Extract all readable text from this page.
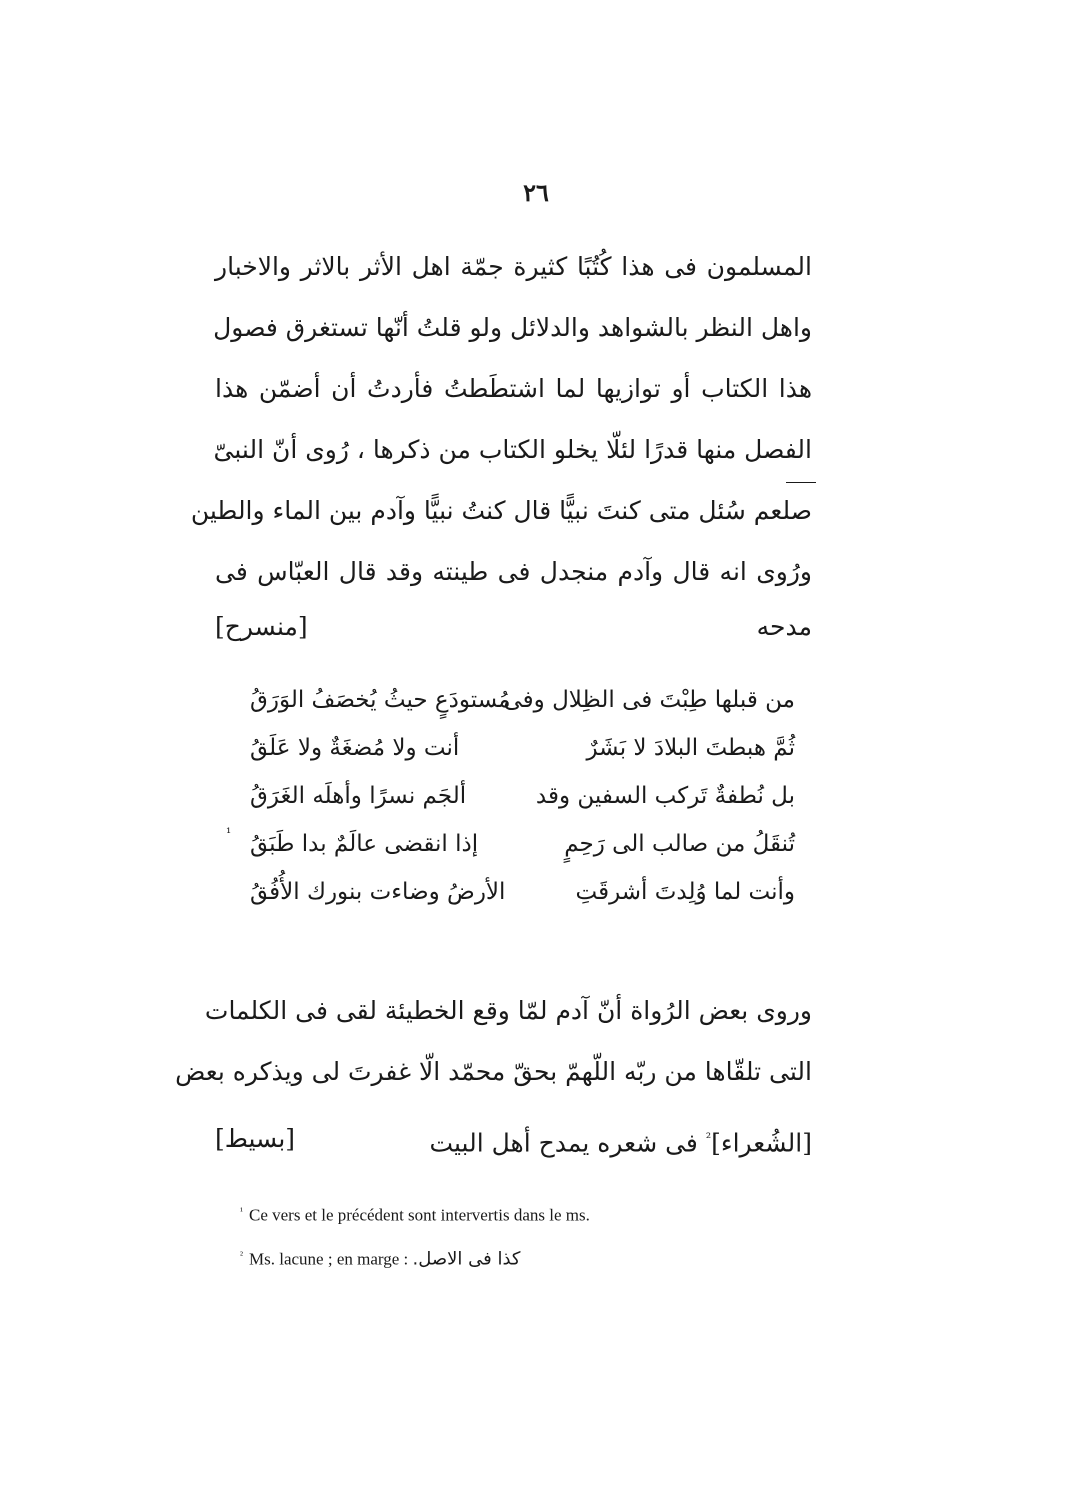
٢٦
المسلمون فى هذا كُتُبًا كثيرة جمّة اهل الأثر بالاثر والاخبار
واهل النظر بالشواهد والدلائل ولو قلتُ أنّها تستغرق فصول
هذا الكتاب أو توازيها لما اشتطَطتُ فأردتُ أن أضمّن هذا
الفصل منها قدرًا لئلّا يخلو الكتاب من ذكرها ، رُوى أنّ النبىّ
صلعم سُئل متى كنتَ نبيًّا قال كنتُ نبيًّا وآدم بين الماء والطين
ورُوى انه قال وآدم منجدل فى طينته وقد قال العبّاس فى
مدحه
[منسرح]
من قبلها طِبْتَ فى الظِلال وفى
مُستودَعٍ حيثُ يُخصَفُ الوَرَقُ
ثُمَّ هبطتَ البلادَ لا بَشَرٌ
أنت ولا مُضغَةٌ ولا عَلَقُ
بل نُطفةٌ تَركب السفين وقد
ألجَم نسرًا وأهلَه الغَرَقُ
تُنقَلُ من صالب الى رَحِمٍ
إذا انقضى عالَمٌ بدا طَبَقُ
¹
وأنت لما وُلِدتَ أشرقَتِ
الأرضُ وضاءت بنورك الأُفُقُ
وروى بعض الرُواة أنّ آدم لمّا وقع الخطيئة لقى فى الكلمات
التى تلقّاها من ربّه اللّهمّ بحقّ محمّد الّا غفرتَ لى ويذكره بعض
[الشُعراء]$^{^2}$ فى شعره يمدح أهل البيت
[بسيط]
$^{^1}$ Ce vers et le précédent sont intervertis dans le ms.
$^{^2}$ Ms. lacune ; en marge : كذا فى الاصل.
